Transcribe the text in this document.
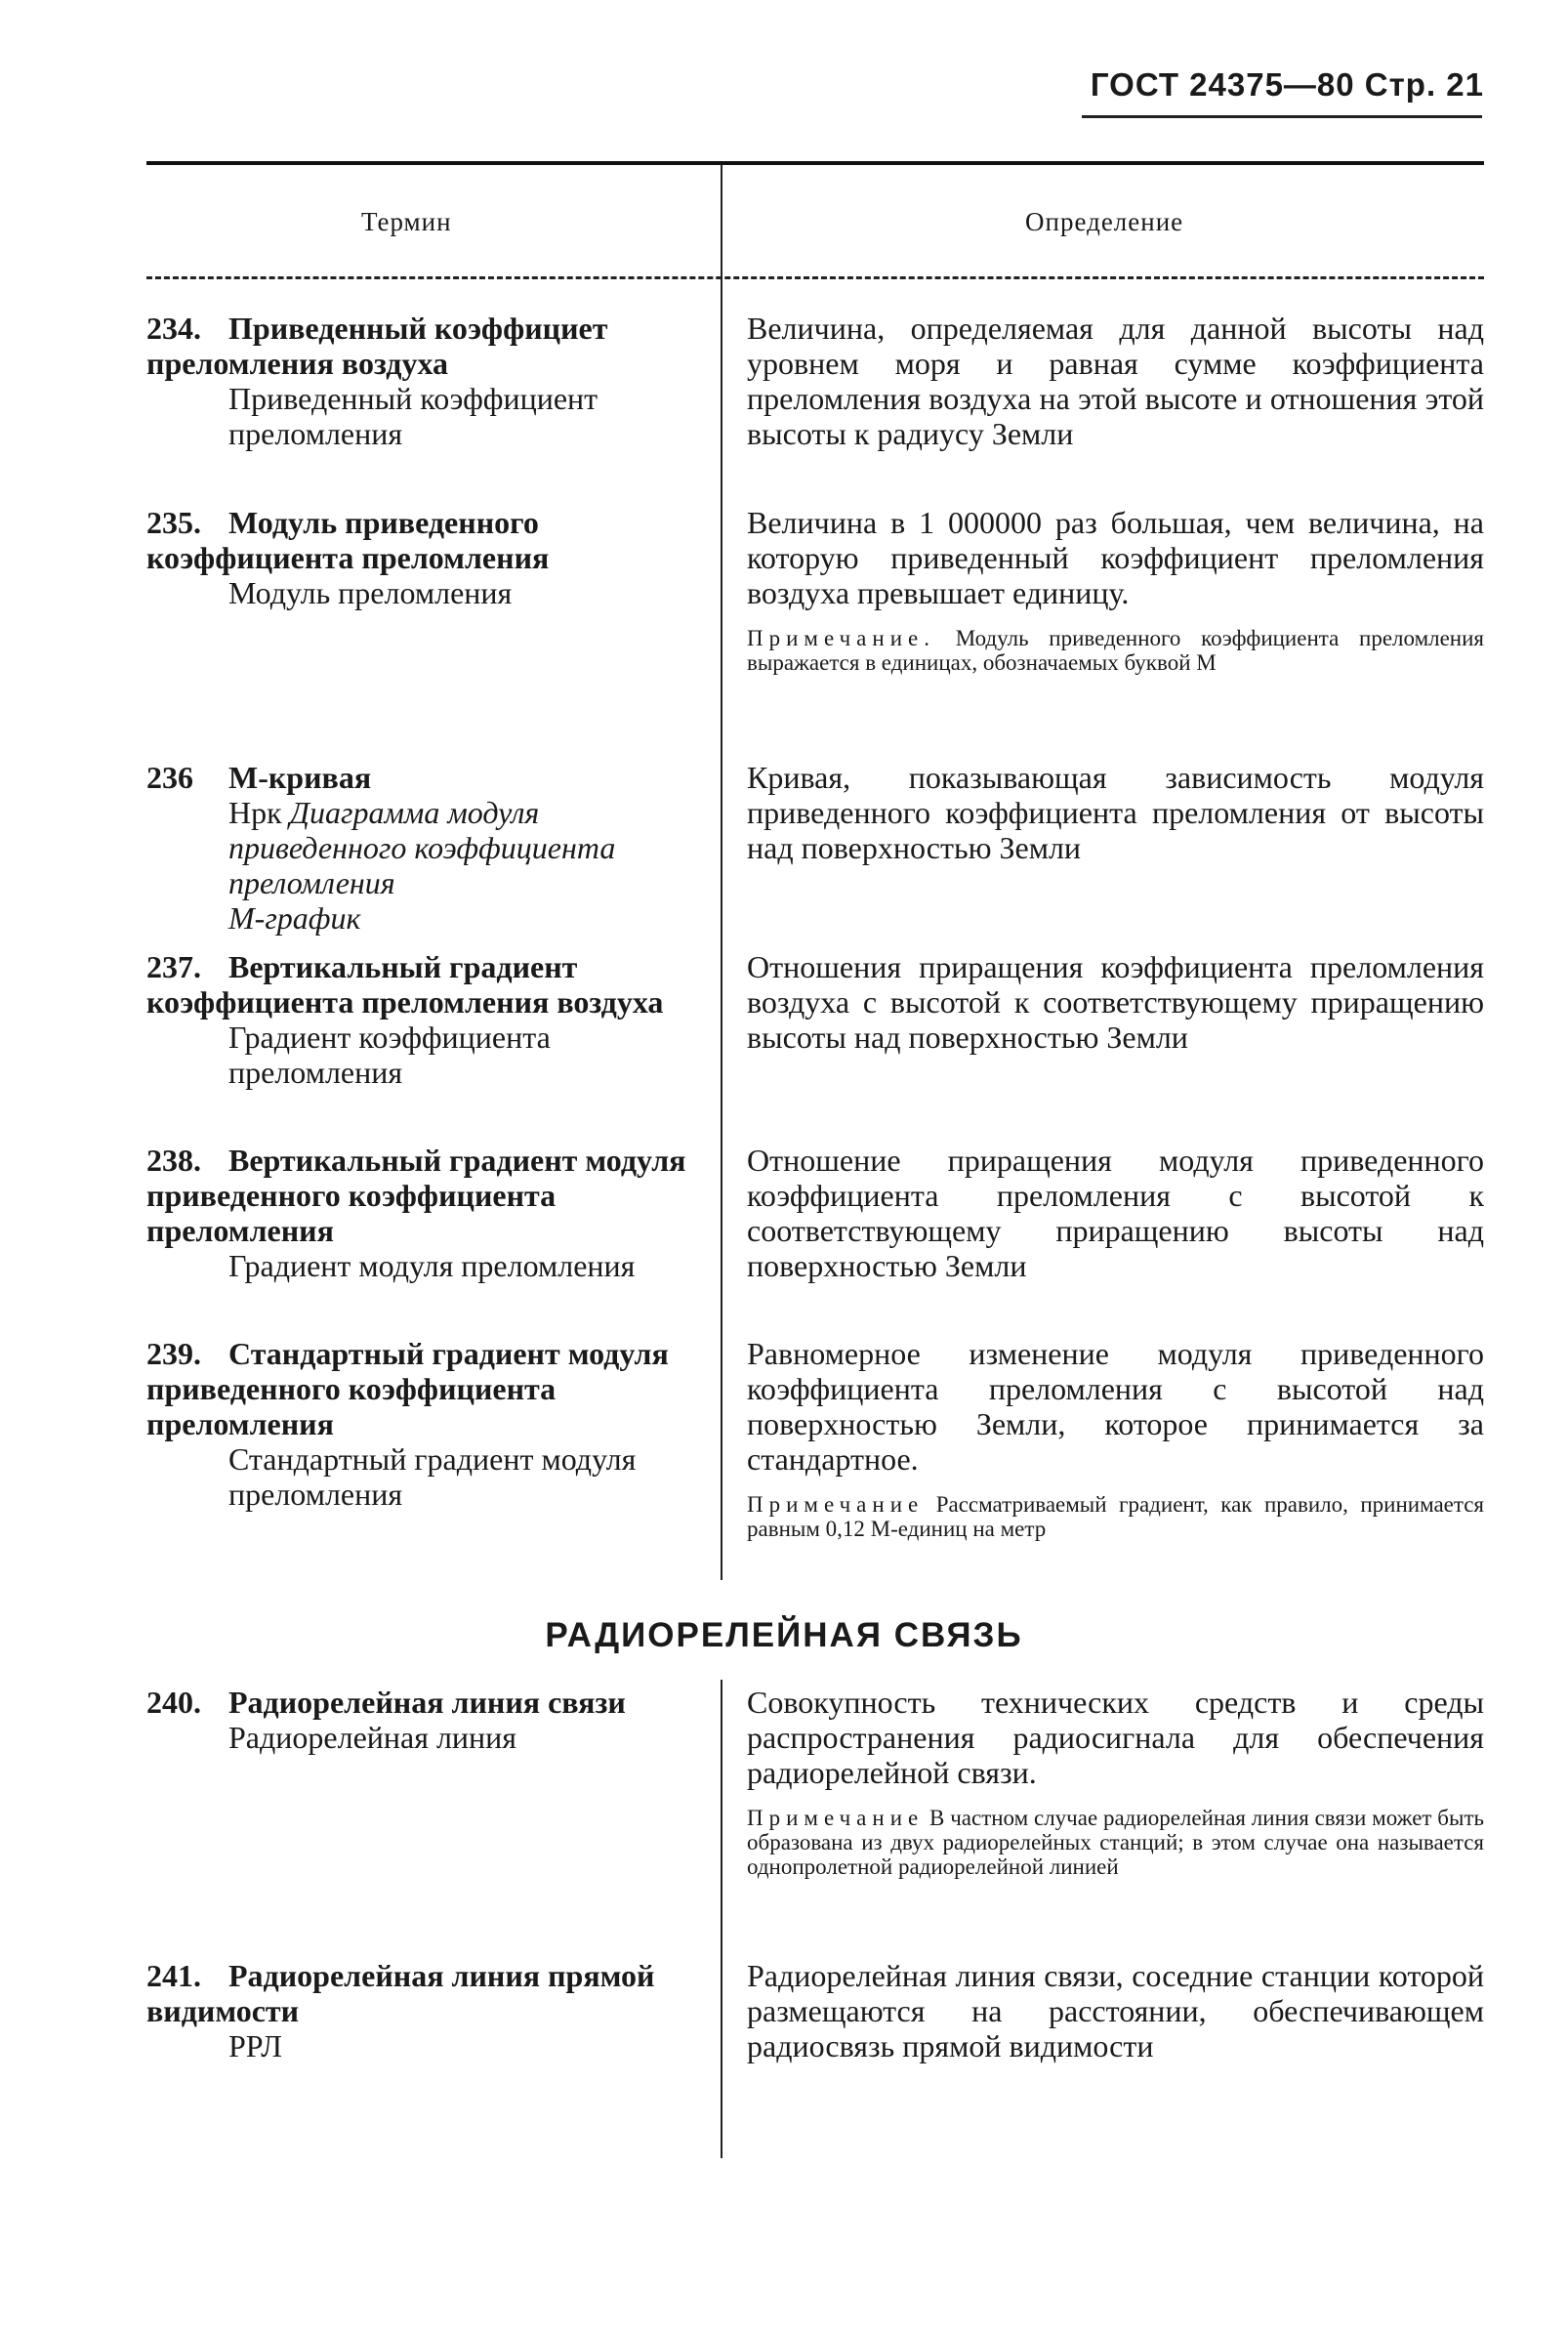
ГОСТ 24375—80 Стр. 21
Термин	Определение
234. Приведенный коэффициет преломления воздуха
Приведенный коэффициент преломления
Величина, определяемая для данной высоты над уровнем моря и равная сумме коэффициента преломления воздуха на этой высоте и отношения этой высоты к радиусу Земли
235. Модуль приведенного коэффициента преломления
Модуль преломления
Величина в 1 000000 раз большая, чем величина, на которую приведенный коэффициент преломления воздуха превышает единицу.
Примечание. Модуль приведенного коэффициента преломления выражается в единицах, обозначаемых буквой М
236 М-кривая
Нрк Диаграмма модуля приведенного коэффициента преломления
М-график
Кривая, показывающая зависимость модуля приведенного коэффициента преломления от высоты над поверхностью Земли
237. Вертикальный градиент коэффициента преломления воздуха
Градиент коэффициента преломления
Отношения приращения коэффициента преломления воздуха с высотой к соответствующему приращению высоты над поверхностью Земли
238. Вертикальный градиент модуля приведенного коэффициента преломления
Градиент модуля преломления
Отношение приращения модуля приведенного коэффициента преломления с высотой к соответствующему приращению высоты над поверхностью Земли
239. Стандартный градиент модуля приведенного коэффициента преломления
Стандартный градиент модуля преломления
Равномерное изменение модуля приведенного коэффициента преломления с высотой над поверхностью Земли, которое принимается за стандартное.
Примечание Рассматриваемый градиент, как правило, принимается равным 0,12 М-единиц на метр
РАДИОРЕЛЕЙНАЯ СВЯЗЬ
240. Радиорелейная линия связи
Радиорелейная линия
Совокупность технических средств и среды распространения радиосигнала для обеспечения радиорелейной связи.
Примечание В частном случае радиорелейная линия связи может быть образована из двух радиорелейных станций; в этом случае она называется однопролетной радиорелейной линией
241. Радиорелейная линия прямой видимости
РРЛ
Радиорелейная линия связи, соседние станции которой размещаются на расстоянии, обеспечивающем радиосвязь прямой видимости
